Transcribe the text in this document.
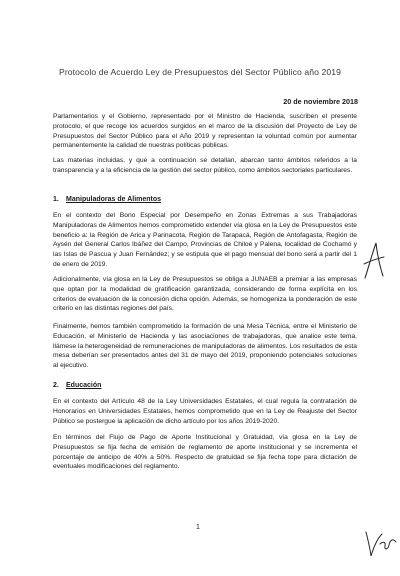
Protocolo de Acuerdo Ley de Presupuestos del Sector Público año 2019
20 de noviembre 2018
Parlamentarios y el Gobierno, representado por el Ministro de Hacienda, suscriben el presente protocolo, el que recoge los acuerdos surgidos en el marco de la discusión del Proyecto de Ley de Presupuestos del Sector Público para el Año 2019 y representan la voluntad común por aumentar permanentemente la calidad de nuestras políticas públicas.
Las materias incluidas, y que a continuación se detallan, abarcan tanto ámbitos referidos a la transparencia y a la eficiencia de la gestión del sector público, como ámbitos sectoriales particulares.
1. Manipuladoras de Alimentos
En el contexto del Bono Especial por Desempeño en Zonas Extremas a sus Trabajadoras Manipuladoras de Alimentos hemos comprometido extender vía glosa en la Ley de Presupuestos este beneficio a: la Región de Arica y Parinacota, Región de Tarapacá, Región de Antofagasta, Región de Aysén del General Carlos Ibáñez del Campo, Provincias de Chiloé y Palena, localidad de Cochamó y las Islas de Pascua y Juan Fernández; y se estipula que el pago mensual del bono será a partir del 1 de enero de 2019.
Adicionalmente, vía glosa en la Ley de Presupuestos se obliga a JUNAEB a premiar a las empresas que optan por la modalidad de gratificación garantizada, considerando de forma explícita en los criterios de evaluación de la concesión dicha opción. Además, se homogeniza la ponderación de este criterio en las distintas regiones del país.
Finalmente, hemos también comprometido la formación de una Mesa Técnica, entre el Ministerio de Educación, el Ministerio de Hacienda y las asociaciones de trabajadoras, que analice este tema, llámese la heterogeneidad de remuneraciones de manipuladoras de alimentos. Los resultados de esta mesa deberían ser presentados antes del 31 de mayo del 2019, proponiendo potenciales soluciones al ejecutivo.
2. Educación
En el contexto del Artículo 48 de la Ley Universidades Estatales, el cual regula la contratación de Honorarios en Universidades Estatales, hemos comprometido que en la Ley de Reajuste del Sector Público se postergue la aplicación de dicho artículo por los años 2019-2020.
En términos del Flujo de Pago de Aporte Institucional y Gratuidad, vía glosa en la Ley de Presupuestos se fija fecha de emisión de reglamento de aporte institucional y se incrementa el porcentaje de anticipo de 40% a 50%. Respecto de gratuidad se fija fecha tope para dictación de eventuales modificaciones del reglamento.
1
